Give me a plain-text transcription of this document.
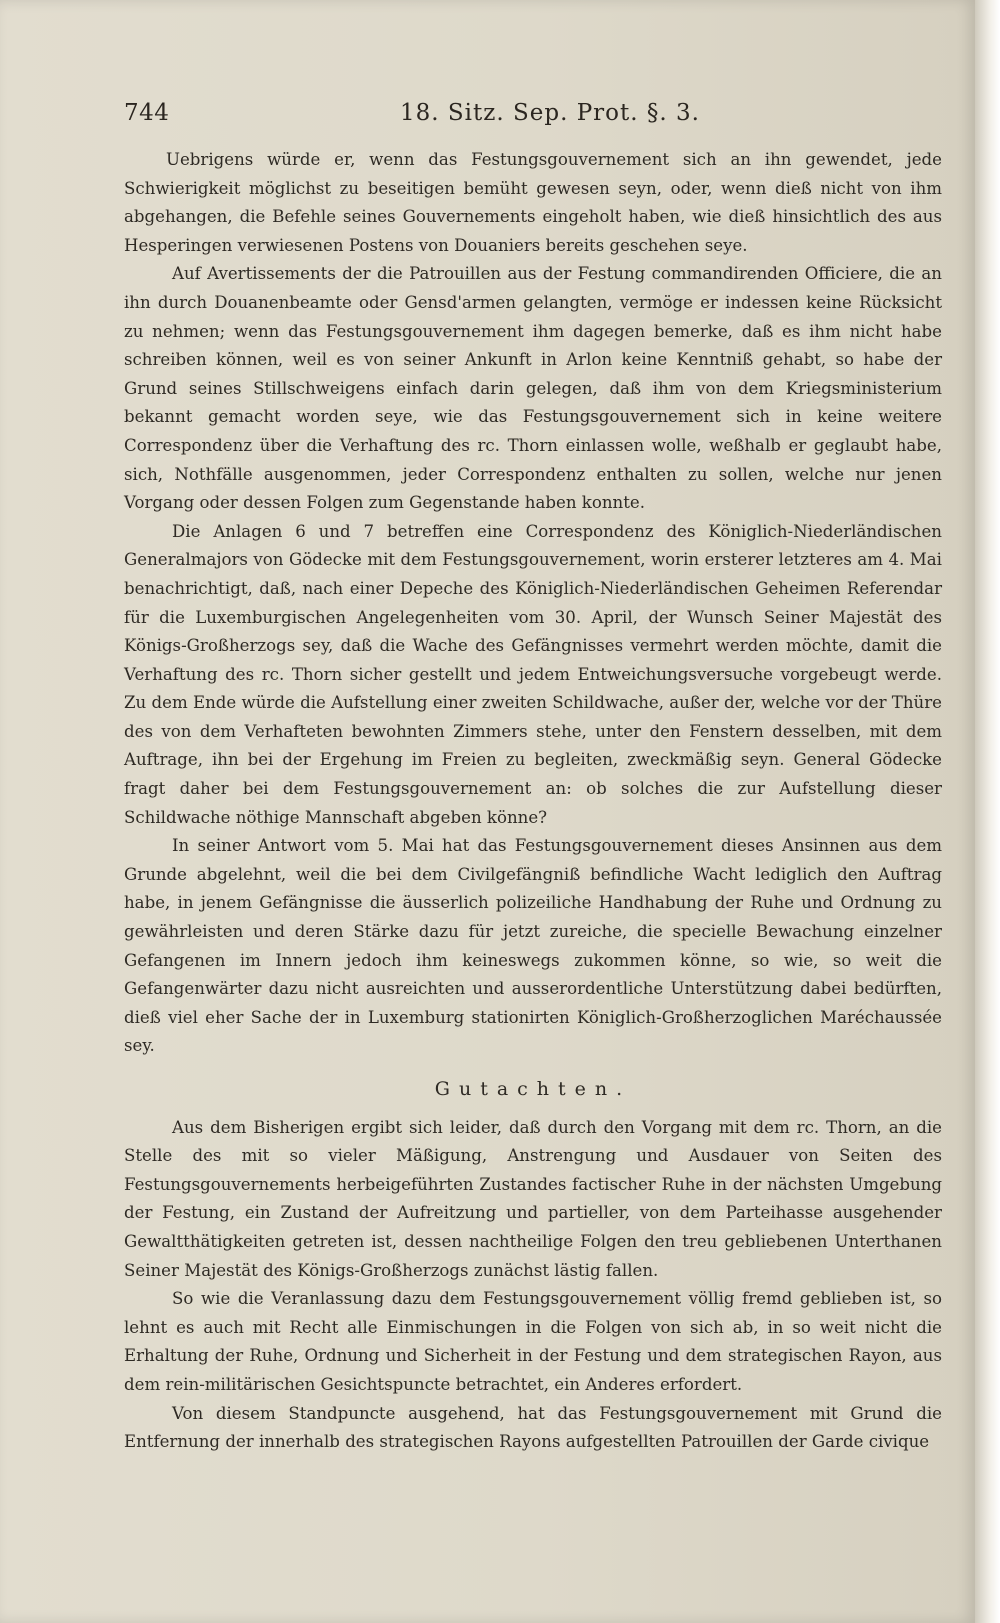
744	18. Sitz. Sep. Prot. §. 3.

Uebrigens würde er, wenn das Festungsgouvernement sich an ihn gewendet, jede Schwierigkeit möglichst zu beseitigen bemüht gewesen seyn, oder, wenn dieß nicht von ihm abgehangen, die Befehle seines Gouvernements eingeholt haben, wie dieß hinsichtlich des aus Hesperingen verwiesenen Postens von Douaniers bereits geschehen seye.

Auf Avertissements der die Patrouillen aus der Festung commandirenden Officiere, die an ihn durch Douanenbeamte oder Gensd'armen gelangten, vermöge er indessen keine Rücksicht zu nehmen; wenn das Festungsgouvernement ihm dagegen bemerke, daß es ihm nicht habe schreiben können, weil es von seiner Ankunft in Arlon keine Kenntniß gehabt, so habe der Grund seines Stillschweigens einfach darin gelegen, daß ihm von dem Kriegsministerium bekannt gemacht worden seye, wie das Festungsgouvernement sich in keine weitere Correspondenz über die Verhaftung des rc. Thorn einlassen wolle, weßhalb er geglaubt habe, sich, Nothfälle ausgenommen, jeder Correspondenz enthalten zu sollen, welche nur jenen Vorgang oder dessen Folgen zum Gegenstande haben konnte.

Die Anlagen 6 und 7 betreffen eine Correspondenz des Königlich-Niederländischen Generalmajors von Gödecke mit dem Festungsgouvernement, worin ersterer letzteres am 4. Mai benachrichtigt, daß, nach einer Depeche des Königlich-Niederländischen Geheimen Referendar für die Luxemburgischen Angelegenheiten vom 30. April, der Wunsch Seiner Majestät des Königs-Großherzogs sey, daß die Wache des Gefängnisses vermehrt werden möchte, damit die Verhaftung des rc. Thorn sicher gestellt und jedem Entweichungsversuche vorgebeugt werde. Zu dem Ende würde die Aufstellung einer zweiten Schildwache, außer der, welche vor der Thüre des von dem Verhafteten bewohnten Zimmers stehe, unter den Fenstern desselben, mit dem Auftrage, ihn bei der Ergehung im Freien zu begleiten, zweckmäßig seyn. General Gödecke fragt daher bei dem Festungsgouvernement an: ob solches die zur Aufstellung dieser Schildwache nöthige Mannschaft abgeben könne?

In seiner Antwort vom 5. Mai hat das Festungsgouvernement dieses Ansinnen aus dem Grunde abgelehnt, weil die bei dem Civilgefängniß befindliche Wacht lediglich den Auftrag habe, in jenem Gefängnisse die äusserlich polizeiliche Handhabung der Ruhe und Ordnung zu gewährleisten und deren Stärke dazu für jetzt zureiche, die specielle Bewachung einzelner Gefangenen im Innern jedoch ihm keineswegs zukommen könne, so wie, so weit die Gefangenwärter dazu nicht ausreichten und ausserordentliche Unterstützung dabei bedürften, dieß viel eher Sache der in Luxemburg stationirten Königlich-Großherzoglichen Maréchaussée sey.

Gutachten.

Aus dem Bisherigen ergibt sich leider, daß durch den Vorgang mit dem rc. Thorn, an die Stelle des mit so vieler Mäßigung, Anstrengung und Ausdauer von Seiten des Festungsgouvernements herbeigeführten Zustandes factischer Ruhe in der nächsten Umgebung der Festung, ein Zustand der Aufreitzung und partieller, von dem Parteihasse ausgehender Gewaltthätigkeiten getreten ist, dessen nachtheilige Folgen den treu gebliebenen Unterthanen Seiner Majestät des Königs-Großherzogs zunächst lästig fallen.

So wie die Veranlassung dazu dem Festungsgouvernement völlig fremd geblieben ist, so lehnt es auch mit Recht alle Einmischungen in die Folgen von sich ab, in so weit nicht die Erhaltung der Ruhe, Ordnung und Sicherheit in der Festung und dem strategischen Rayon, aus dem rein-militärischen Gesichtspuncte betrachtet, ein Anderes erfordert.

Von diesem Standpuncte ausgehend, hat das Festungsgouvernement mit Grund die Entfernung der innerhalb des strategischen Rayons aufgestellten Patrouillen der Garde civique
